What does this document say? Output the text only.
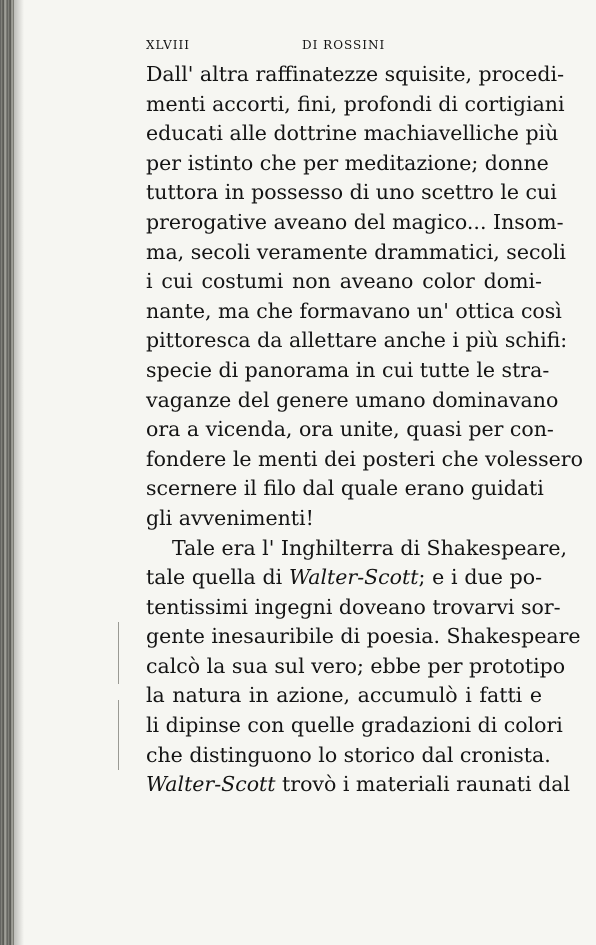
XLVIII	DI ROSSINI
Dall' altra raffinatezze squisite, procedi-
menti accorti, fini, profondi di cortigiani
educati alle dottrine machiavelliche più
per istinto che per meditazione; donne
tuttora in possesso di uno scettro le cui
prerogative aveano del magico... Insom-
ma, secoli veramente drammatici, secoli
i cui costumi non aveano color domi-
nante, ma che formavano un' ottica così
pittoresca da allettare anche i più schifi:
specie di panorama in cui tutte le stra-
vaganze del genere umano dominavano
ora a vicenda, ora unite, quasi per con-
fondere le menti dei posteri che volessero
scernere il filo dal quale erano guidati
gli avvenimenti!
Tale era l' Inghilterra di Shakespeare,
tale quella di Walter-Scott; e i due po-
tentissimi ingegni doveano trovarvi sor-
gente inesauribile di poesia. Shakespeare
calcò la sua sul vero; ebbe per prototipo
la natura in azione, accumulò i fatti e
li dipinse con quelle gradazioni di colori
che distinguono lo storico dal cronista.
Walter-Scott trovò i materiali raunati dal
